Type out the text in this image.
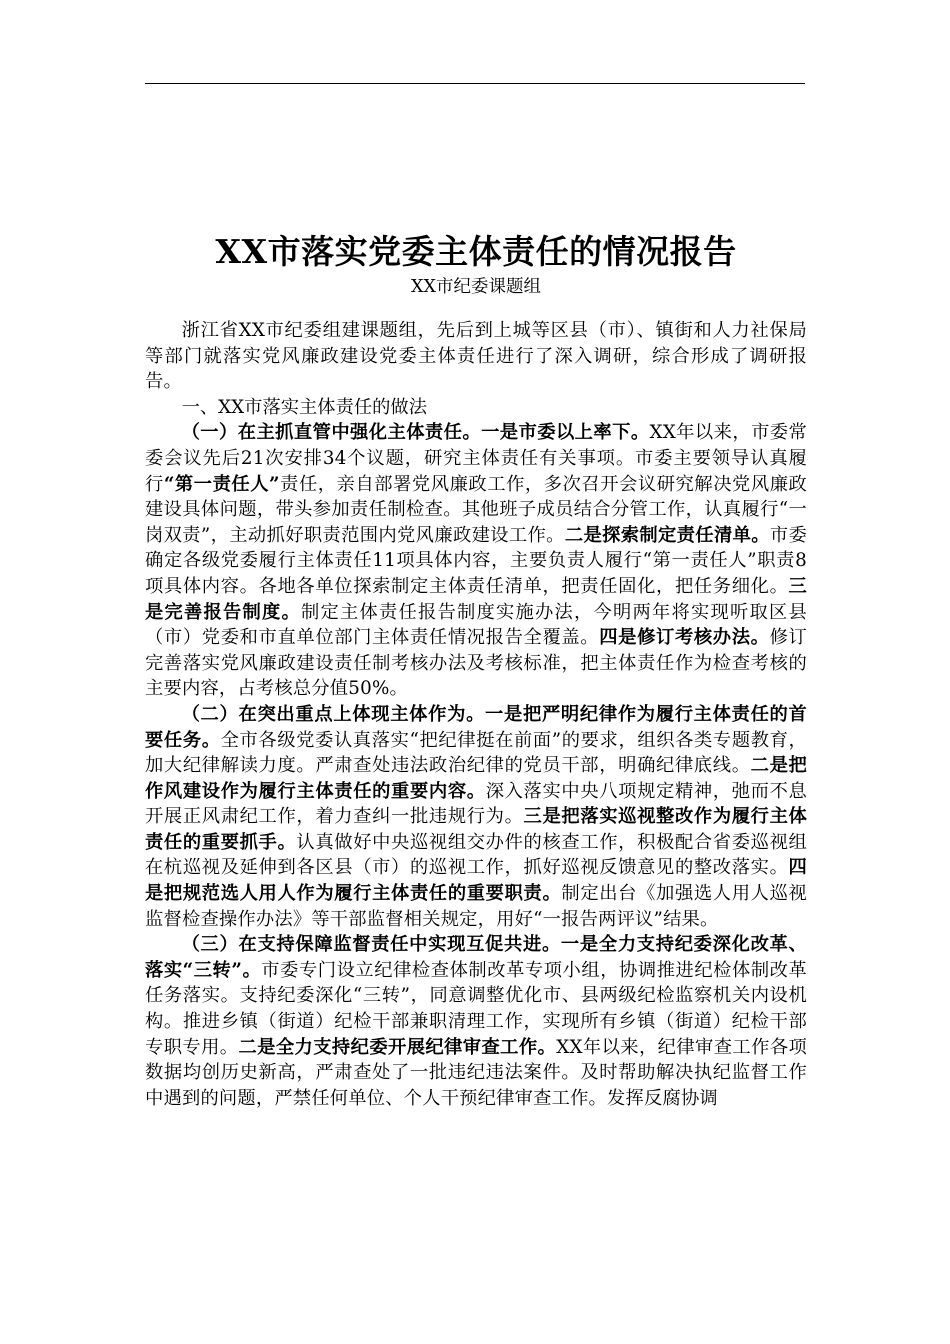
XX市落实党委主体责任的情况报告
XX市纪委课题组

浙江省XX市纪委组建课题组，先后到上城等区县（市）、镇街和人力社保局等部门就落实党风廉政建设党委主体责任进行了深入调研，综合形成了调研报告。

一、XX市落实主体责任的做法

（一）在主抓直管中强化主体责任。一是市委以上率下。XX年以来，市委常委会议先后21次安排34个议题，研究主体责任有关事项。市委主要领导认真履行“第一责任人”责任，亲自部署党风廉政工作，多次召开会议研究解决党风廉政建设具体问题，带头参加责任制检查。其他班子成员结合分管工作，认真履行“一岗双责”，主动抓好职责范围内党风廉政建设工作。二是探索制定责任清单。市委确定各级党委履行主体责任11项具体内容，主要负责人履行“第一责任人”职责8项具体内容。各地各单位探索制定主体责任清单，把责任固化，把任务细化。三是完善报告制度。制定主体责任报告制度实施办法，今明两年将实现听取区县（市）党委和市直单位部门主体责任情况报告全覆盖。四是修订考核办法。修订完善落实党风廉政建设责任制考核办法及考核标准，把主体责任作为检查考核的主要内容，占考核总分值50%。

（二）在突出重点上体现主体作为。一是把严明纪律作为履行主体责任的首要任务。全市各级党委认真落实“把纪律挺在前面”的要求，组织各类专题教育，加大纪律解读力度。严肃查处违法政治纪律的党员干部，明确纪律底线。二是把作风建设作为履行主体责任的重要内容。深入落实中央八项规定精神，弛而不息开展正风肃纪工作，着力查纠一批违规行为。三是把落实巡视整改作为履行主体责任的重要抓手。认真做好中央巡视组交办件的核查工作，积极配合省委巡视组在杭巡视及延伸到各区县（市）的巡视工作，抓好巡视反馈意见的整改落实。四是把规范选人用人作为履行主体责任的重要职责。制定出台《加强选人用人巡视监督检查操作办法》等干部监督相关规定，用好“一报告两评议”结果。

（三）在支持保障监督责任中实现互促共进。一是全力支持纪委深化改革、落实“三转”。市委专门设立纪律检查体制改革专项小组，协调推进纪检体制改革任务落实。支持纪委深化“三转”，同意调整优化市、县两级纪检监察机关内设机构。推进乡镇（街道）纪检干部兼职清理工作，实现所有乡镇（街道）纪检干部专职专用。二是全力支持纪委开展纪律审查工作。XX年以来，纪律审查工作各项数据均创历史新高，严肃查处了一批违纪违法案件。及时帮助解决执纪监督工作中遇到的问题，严禁任何单位、个人干预纪律审查工作。发挥反腐协调
